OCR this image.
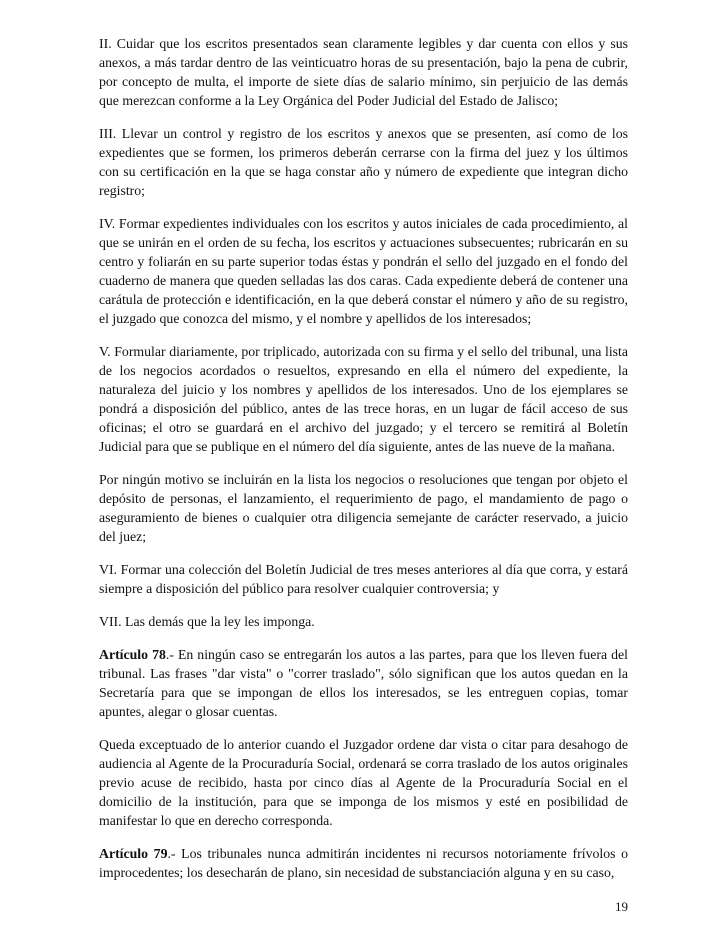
II. Cuidar que los escritos presentados sean claramente legibles y dar cuenta con ellos y sus anexos, a más tardar dentro de las veinticuatro horas de su presentación, bajo la pena de cubrir, por concepto de multa, el importe de siete días de salario mínimo, sin perjuicio de las demás que merezcan conforme a la Ley Orgánica del Poder Judicial del Estado de Jalisco;

III. Llevar un control y registro de los escritos y anexos que se presenten, así como de los expedientes que se formen, los primeros deberán cerrarse con la firma del juez y los últimos con su certificación en la que se haga constar año y número de expediente que integran dicho registro;

IV. Formar expedientes individuales con los escritos y autos iniciales de cada procedimiento, al que se unirán en el orden de su fecha, los escritos y actuaciones subsecuentes; rubricarán en su centro y foliarán en su parte superior todas éstas y pondrán el sello del juzgado en el fondo del cuaderno de manera que queden selladas las dos caras. Cada expediente deberá de contener una carátula de protección e identificación, en la que deberá constar el número y año de su registro, el juzgado que conozca del mismo, y el nombre y apellidos de los interesados;

V. Formular diariamente, por triplicado, autorizada con su firma y el sello del tribunal, una lista de los negocios acordados o resueltos, expresando en ella el número del expediente, la naturaleza del juicio y los nombres y apellidos de los interesados. Uno de los ejemplares se pondrá a disposición del público, antes de las trece horas, en un lugar de fácil acceso de sus oficinas; el otro se guardará en el archivo del juzgado; y el tercero se remitirá al Boletín Judicial para que se publique en el número del día siguiente, antes de las nueve de la mañana.

Por ningún motivo se incluirán en la lista los negocios o resoluciones que tengan por objeto el depósito de personas, el lanzamiento, el requerimiento de pago, el mandamiento de pago o aseguramiento de bienes o cualquier otra diligencia semejante de carácter reservado, a juicio del juez;

VI. Formar una colección del Boletín Judicial de tres meses anteriores al día que corra, y estará siempre a disposición del público para resolver cualquier controversia; y

VII. Las demás que la ley les imponga.

Artículo 78.- En ningún caso se entregarán los autos a las partes, para que los lleven fuera del tribunal. Las frases "dar vista" o "correr traslado", sólo significan que los autos quedan en la Secretaría para que se impongan de ellos los interesados, se les entreguen copias, tomar apuntes, alegar o glosar cuentas.

Queda exceptuado de lo anterior cuando el Juzgador ordene dar vista o citar para desahogo de audiencia al Agente de la Procuraduría Social, ordenará se corra traslado de los autos originales previo acuse de recibido, hasta por cinco días al Agente de la Procuraduría Social en el domicilio de la institución, para que se imponga de los mismos y esté en posibilidad de manifestar lo que en derecho corresponda.

Artículo 79.- Los tribunales nunca admitirán incidentes ni recursos notoriamente frívolos o improcedentes; los desecharán de plano, sin necesidad de substanciación alguna y en su caso,

19
